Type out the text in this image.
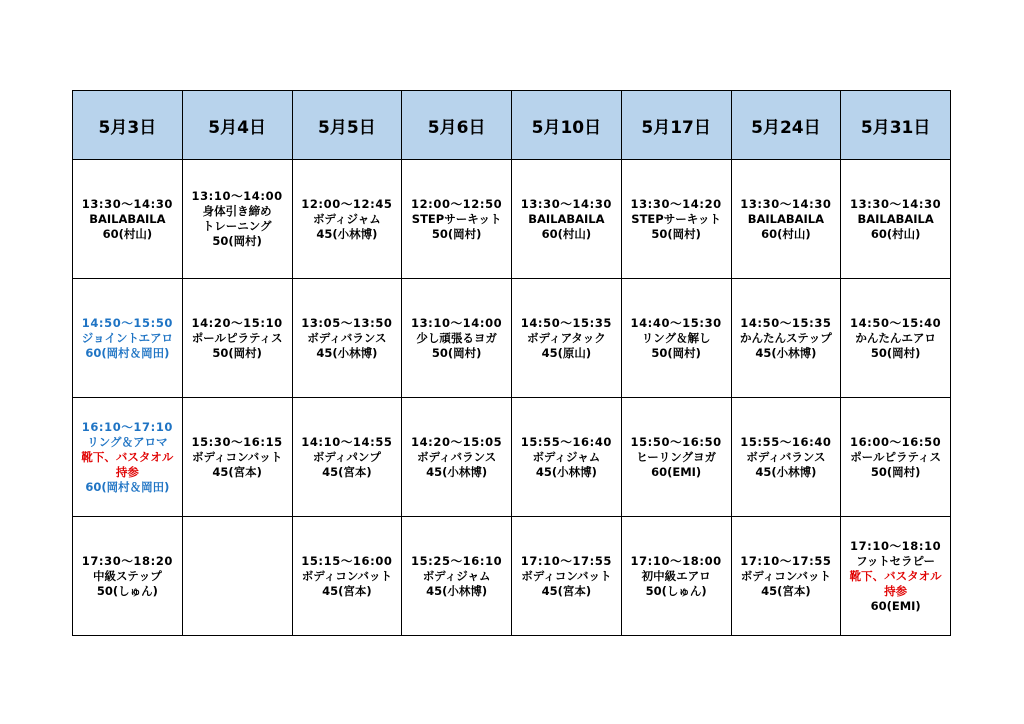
5月3日	5月4日	5月5日	5月6日	5月10日	5月17日	5月24日	5月31日

13:30〜14:30
BAILABAILA
60(村山)	13:10〜14:00
身体引き締め
トレーニング
50(岡村)	12:00〜12:45
ボディジャム
45(小林博)	12:00〜12:50
STEPサーキット
50(岡村)	13:30〜14:30
BAILABAILA
60(村山)	13:30〜14:20
STEPサーキット
50(岡村)	13:30〜14:30
BAILABAILA
60(村山)	13:30〜14:30
BAILABAILA
60(村山)

14:50〜15:50
ジョイントエアロ
60(岡村＆岡田)	14:20〜15:10
ポールピラティス
50(岡村)	13:05〜13:50
ボディバランス
45(小林博)	13:10〜14:00
少し頑張るヨガ
50(岡村)	14:50〜15:35
ボディアタック
45(原山)	14:40〜15:30
リング＆解し
50(岡村)	14:50〜15:35
かんたんステップ
45(小林博)	14:50〜15:40
かんたんエアロ
50(岡村)

16:10〜17:10
リング＆アロマ
靴下、バスタオル
持参
60(岡村＆岡田)	15:30〜16:15
ボディコンバット
45(宮本)	14:10〜14:55
ボディパンプ
45(宮本)	14:20〜15:05
ボディバランス
45(小林博)	15:55〜16:40
ボディジャム
45(小林博)	15:50〜16:50
ヒーリングヨガ
60(EMI)	15:55〜16:40
ボディバランス
45(小林博)	16:00〜16:50
ポールピラティス
50(岡村)

17:30〜18:20
中級ステップ
50(しゅん)		15:15〜16:00
ボディコンバット
45(宮本)	15:25〜16:10
ボディジャム
45(小林博)	17:10〜17:55
ボディコンバット
45(宮本)	17:10〜18:00
初中級エアロ
50(しゅん)	17:10〜17:55
ボディコンバット
45(宮本)	17:10〜18:10
フットセラピー
靴下、バスタオル
持参
60(EMI)
